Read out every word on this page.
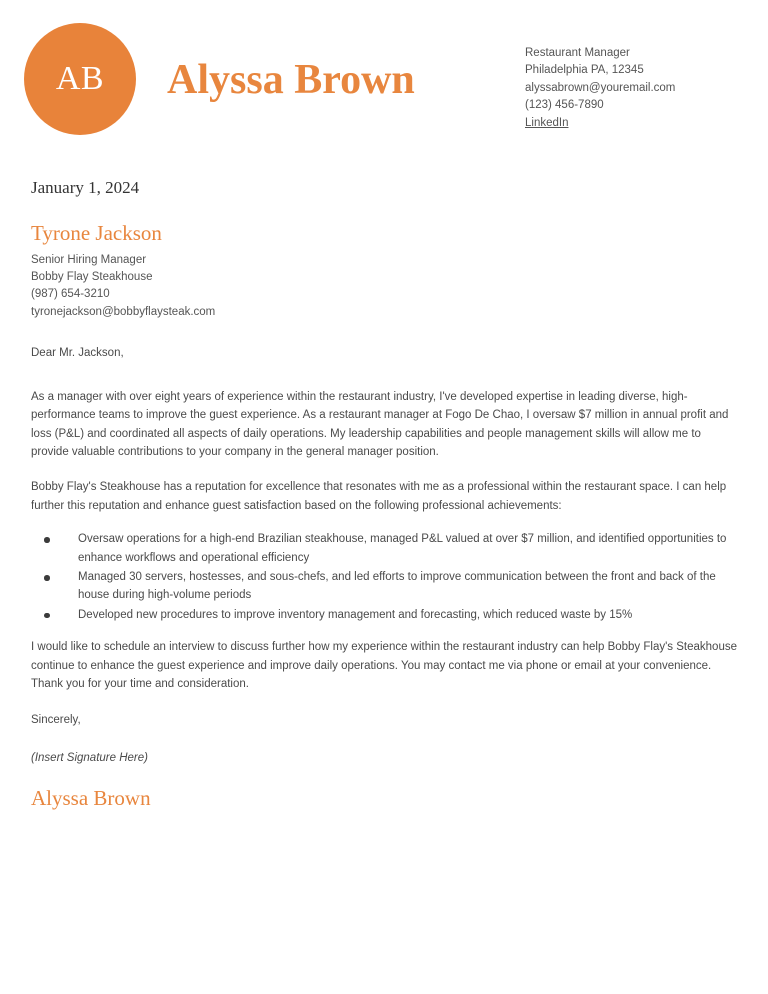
AB Alyssa Brown
Restaurant Manager
Philadelphia PA, 12345
alyssabrown@youremail.com
(123) 456-7890
LinkedIn
January 1, 2024
Tyrone Jackson
Senior Hiring Manager
Bobby Flay Steakhouse
(987) 654-3210
tyronejackson@bobbyflaysteak.com
Dear Mr. Jackson,

As a manager with over eight years of experience within the restaurant industry, I've developed expertise in leading diverse, high-performance teams to improve the guest experience. As a restaurant manager at Fogo De Chao, I oversaw $7 million in annual profit and loss (P&L) and coordinated all aspects of daily operations. My leadership capabilities and people management skills will allow me to provide valuable contributions to your company in the general manager position.

Bobby Flay's Steakhouse has a reputation for excellence that resonates with me as a professional within the restaurant space. I can help further this reputation and enhance guest satisfaction based on the following professional achievements:

Oversaw operations for a high-end Brazilian steakhouse, managed P&L valued at over $7 million, and identified opportunities to enhance workflows and operational efficiency
Managed 30 servers, hostesses, and sous-chefs, and led efforts to improve communication between the front and back of the house during high-volume periods
Developed new procedures to improve inventory management and forecasting, which reduced waste by 15%

I would like to schedule an interview to discuss further how my experience within the restaurant industry can help Bobby Flay's Steakhouse continue to enhance the guest experience and improve daily operations. You may contact me via phone or email at your convenience. Thank you for your time and consideration.

Sincerely,
(Insert Signature Here)
Alyssa Brown
